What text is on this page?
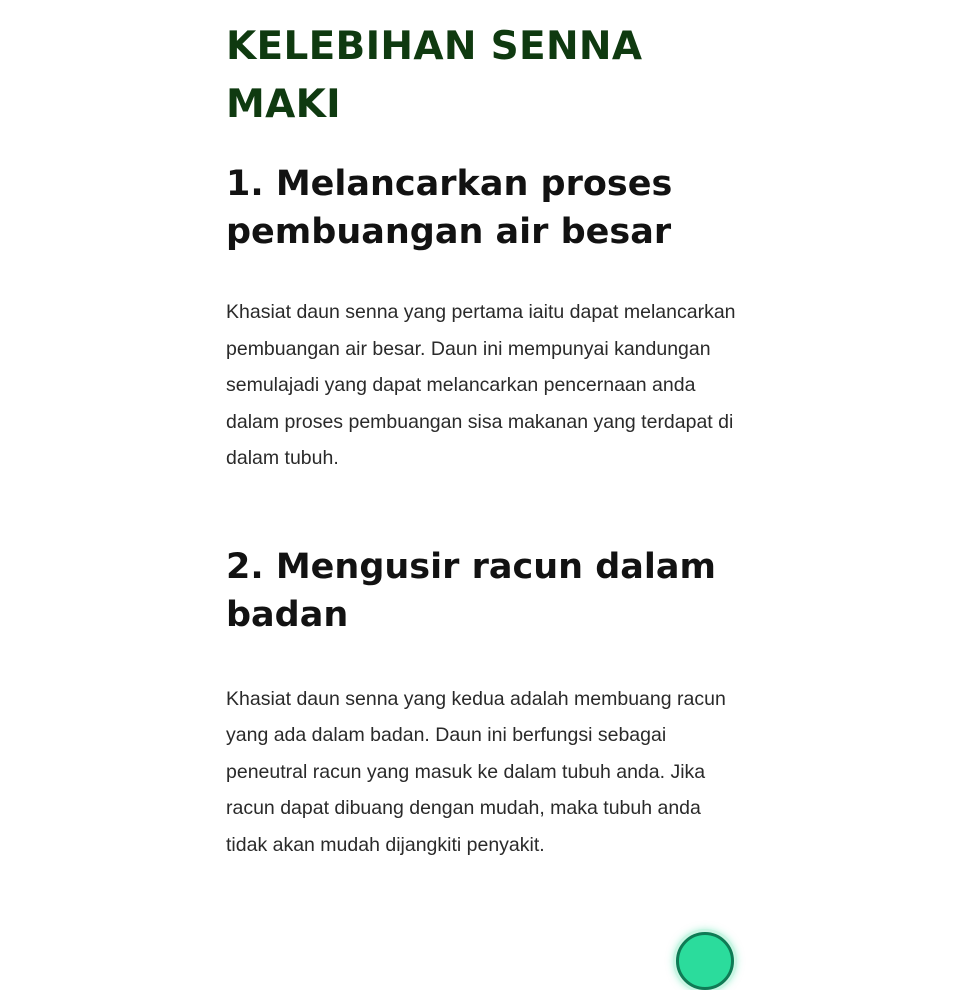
KELEBIHAN SENNA MAKI
1. Melancarkan proses pembuangan air besar

Khasiat daun senna yang pertama iaitu dapat melancarkan pembuangan air besar. Daun ini mempunyai kandungan semulajadi yang dapat melancarkan pencernaan anda dalam proses pembuangan sisa makanan yang terdapat di dalam tubuh.

2. Mengusir racun dalam badan

Khasiat daun senna yang kedua adalah membuang racun yang ada dalam badan. Daun ini berfungsi sebagai peneutral racun yang masuk ke dalam tubuh anda. Jika racun dapat dibuang dengan mudah, maka tubuh anda tidak akan mudah dijangkiti penyakit.
